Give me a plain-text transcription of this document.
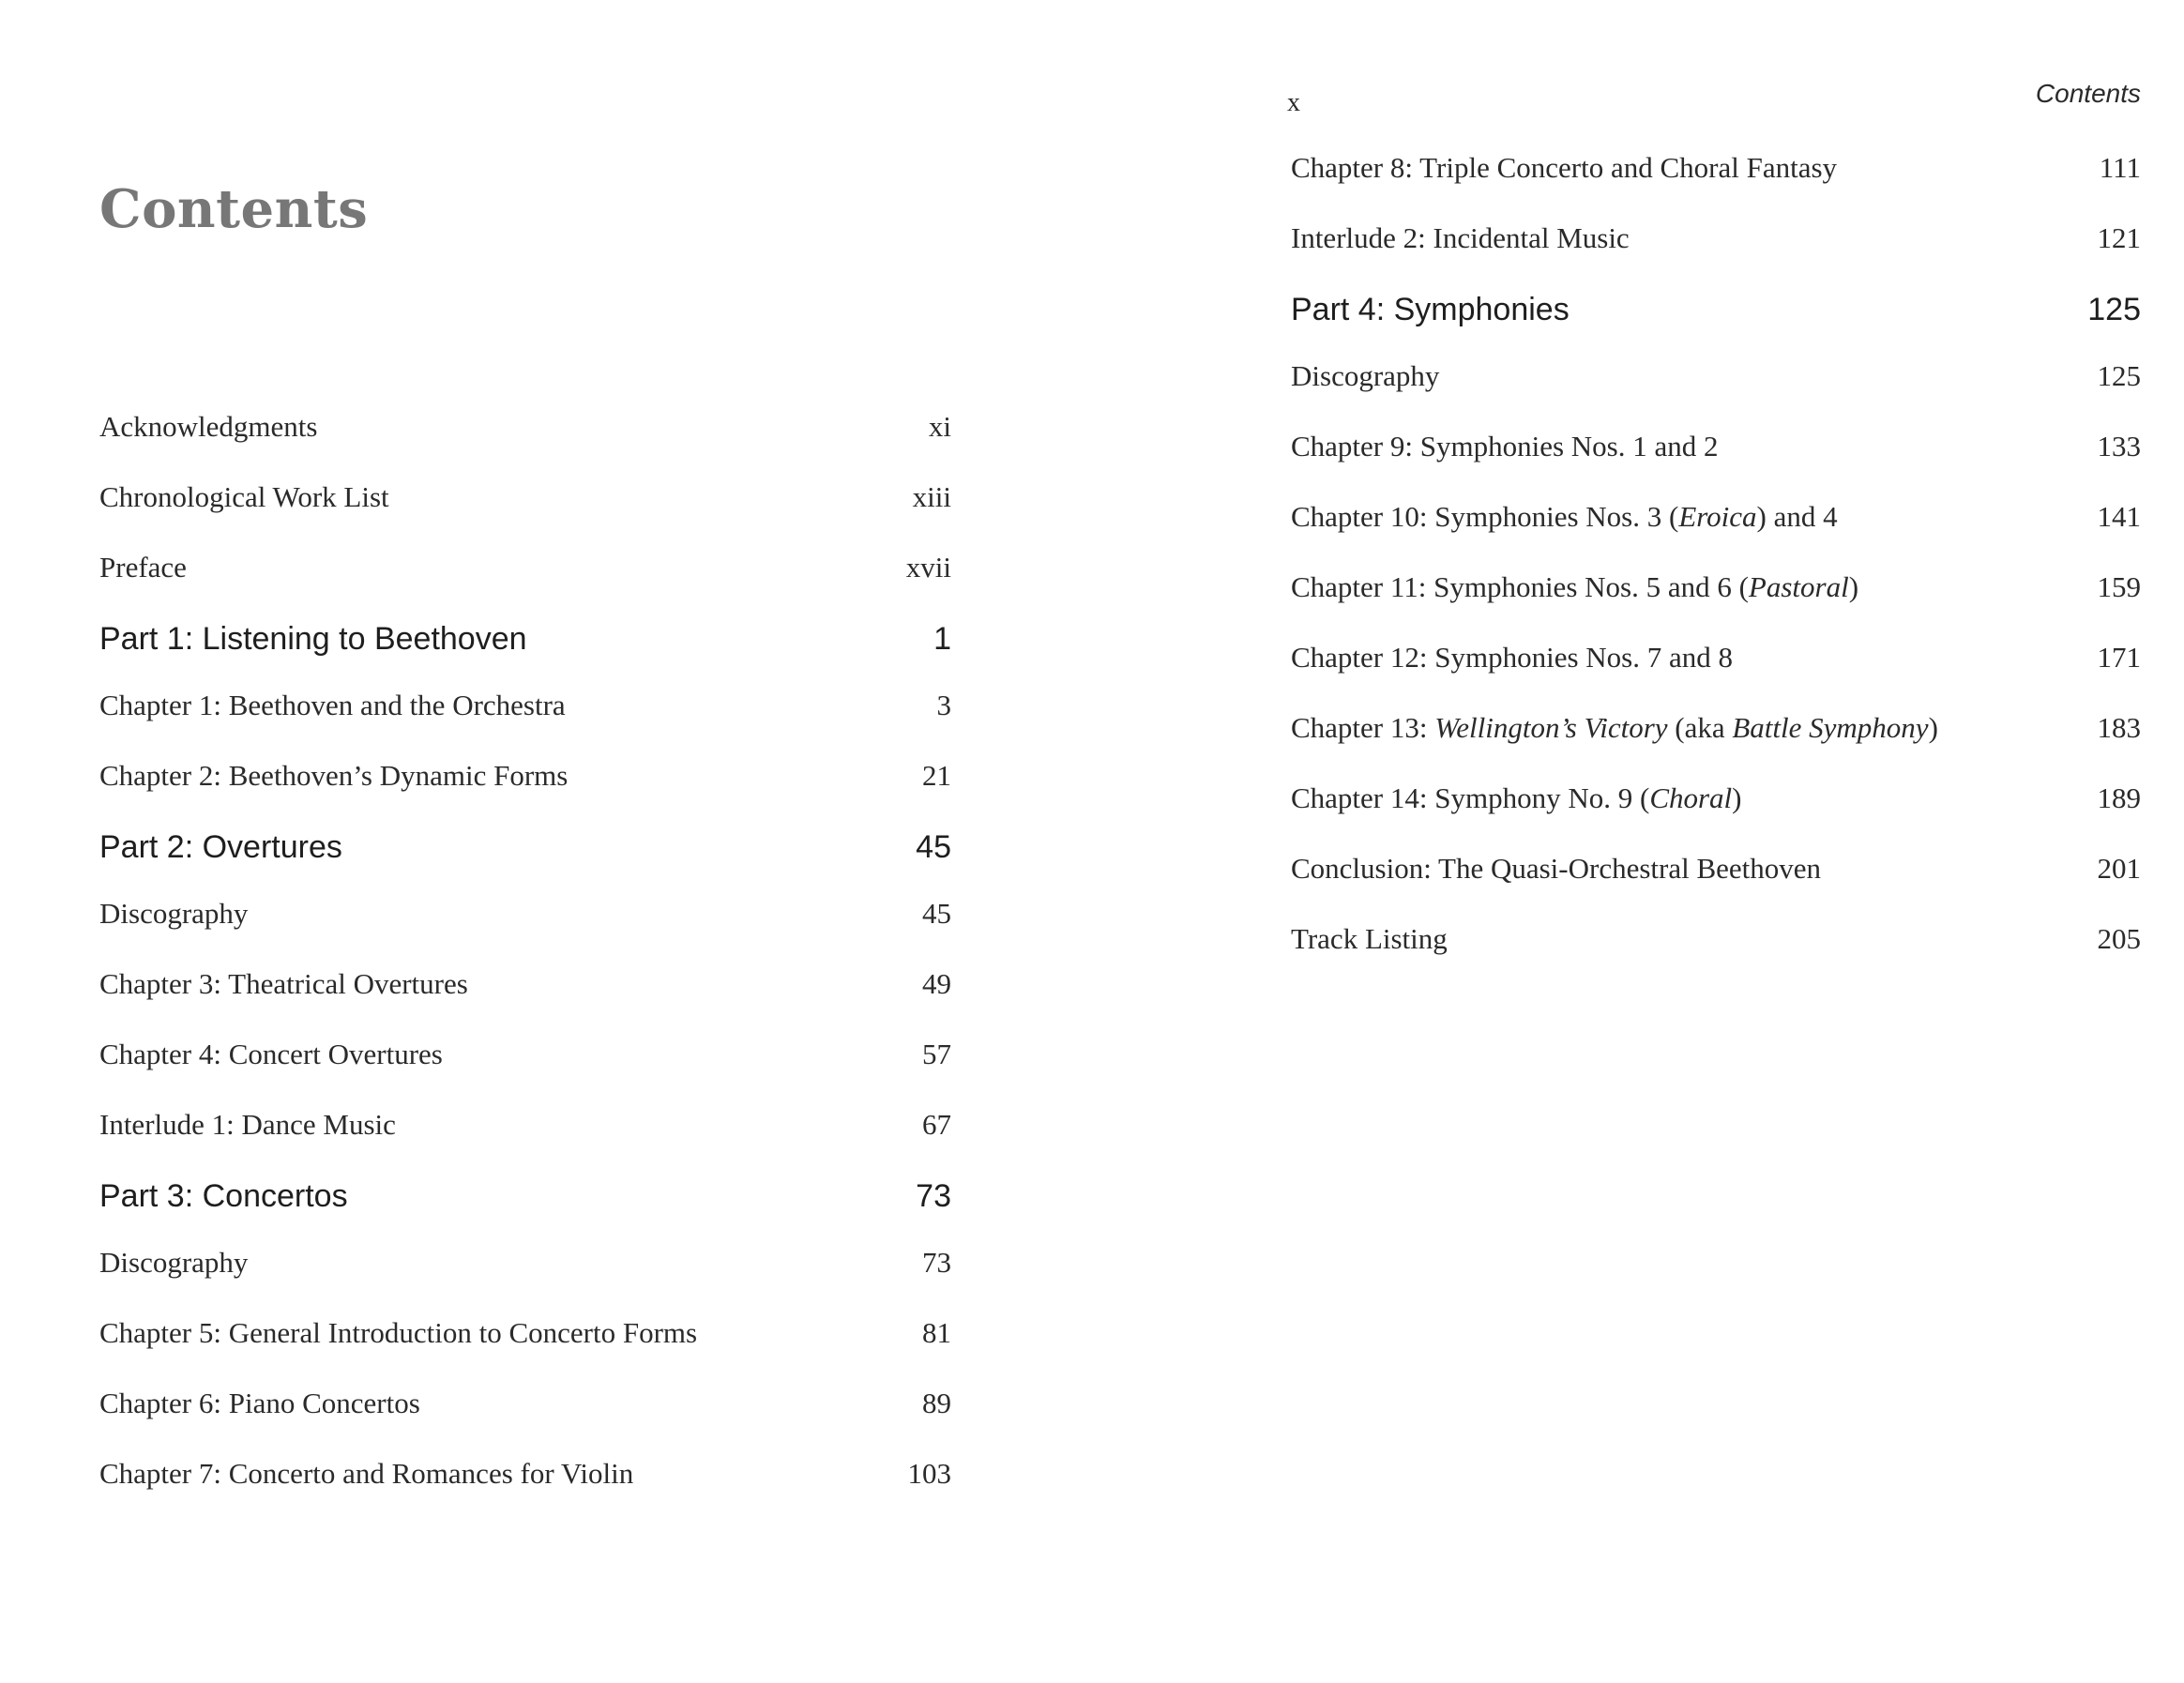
Contents
Acknowledgments	xi
Chronological Work List	xiii
Preface	xvii
Part 1: Listening to Beethoven	1
Chapter 1: Beethoven and the Orchestra	3
Chapter 2: Beethoven’s Dynamic Forms	21
Part 2: Overtures	45
Discography	45
Chapter 3: Theatrical Overtures	49
Chapter 4: Concert Overtures	57
Interlude 1: Dance Music	67
Part 3: Concertos	73
Discography	73
Chapter 5: General Introduction to Concerto Forms	81
Chapter 6: Piano Concertos	89
Chapter 7: Concerto and Romances for Violin	103
x	Contents
Chapter 8: Triple Concerto and Choral Fantasy	111
Interlude 2: Incidental Music	121
Part 4: Symphonies	125
Discography	125
Chapter 9: Symphonies Nos. 1 and 2	133
Chapter 10: Symphonies Nos. 3 (Eroica) and 4	141
Chapter 11: Symphonies Nos. 5 and 6 (Pastoral)	159
Chapter 12: Symphonies Nos. 7 and 8	171
Chapter 13: Wellington’s Victory (aka Battle Symphony)	183
Chapter 14: Symphony No. 9 (Choral)	189
Conclusion: The Quasi-Orchestral Beethoven	201
Track Listing	205
